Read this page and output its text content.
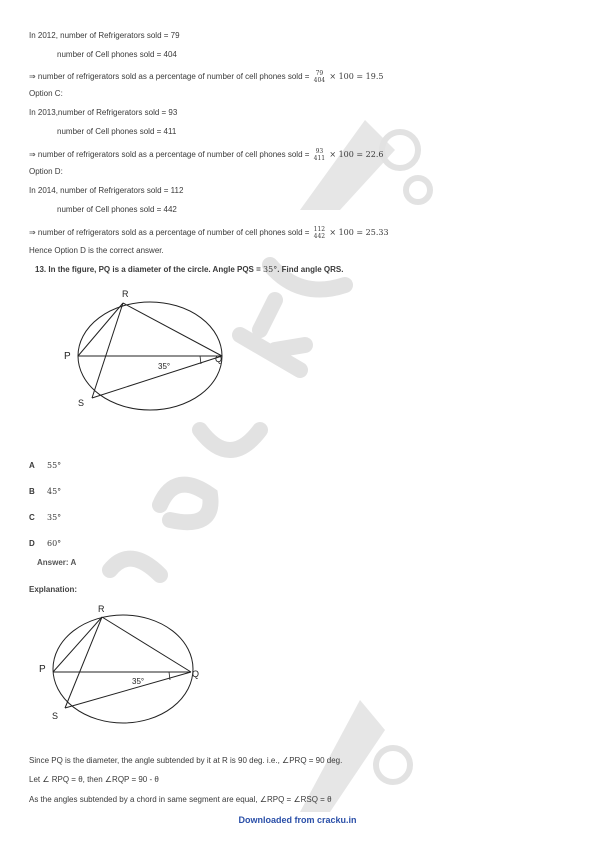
In 2012, number of Refrigerators sold = 79
number of Cell phones sold = 404
⇒ number of refrigerators sold as a percentage of number of cell phones sold =	79
404 × 100 = 19.5
Option C:
In 2013,number of Refrigerators sold = 93
number of Cell phones sold = 411
⇒ number of refrigerators sold as a percentage of number of cell phones sold =	93
411 × 100 = 22.6
Option D:
In 2014, number of Refrigerators sold = 112
number of Cell phones sold = 442
⇒ number of refrigerators sold as a percentage of number of cell phones sold = 112
442 × 100 = 25.33
Hence Option D is the correct answer.
13. In the figure, PQ is a diameter of the circle. Angle PQS = 35°. Find angle QRS.
R
P	Q
S
35°
A 55°
B 45°
C 35°
D 60°
Answer: A
Explanation:
R
P	Q
S
35°
Since PQ is the diameter, the angle subtended by it at R is 90 deg. i.e., ∠PRQ = 90 deg.
Let ∠ RPQ = θ, then ∠RQP = 90 - θ
As the angles subtended by a chord in same segment are equal, ∠RPQ = ∠RSQ = θ
Downloaded from cracku.in
